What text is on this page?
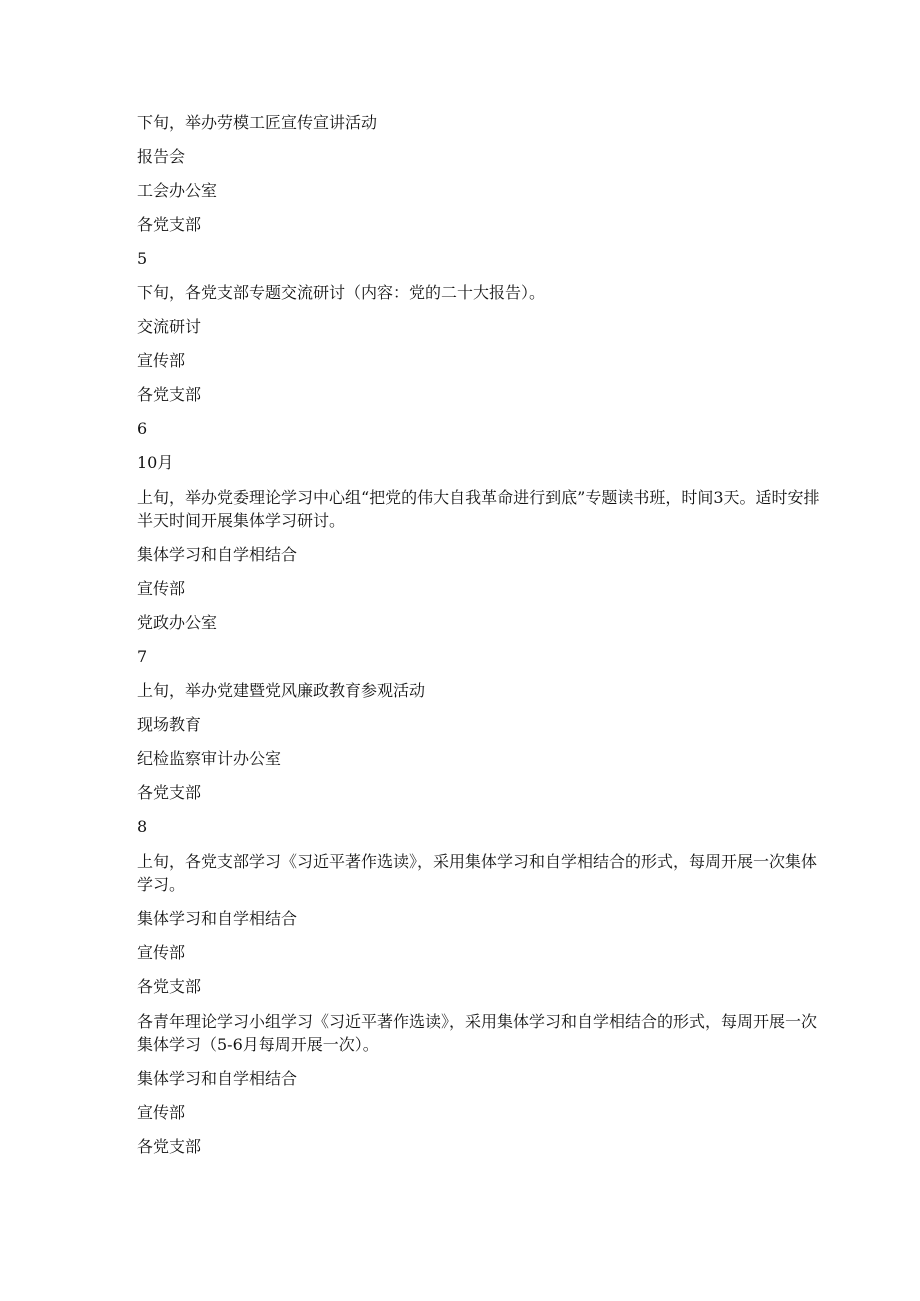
下旬，举办劳模工匠宣传宣讲活动

报告会

工会办公室

各党支部

5

下旬，各党支部专题交流研讨（内容：党的二十大报告）。

交流研讨

宣传部

各党支部

6

10月

上旬，举办党委理论学习中心组“把党的伟大自我革命进行到底”专题读书班，时间3天。适时安排半天时间开展集体学习研讨。

集体学习和自学相结合

宣传部

党政办公室

7

上旬，举办党建暨党风廉政教育参观活动

现场教育

纪检监察审计办公室

各党支部

8

上旬，各党支部学习《习近平著作选读》，采用集体学习和自学相结合的形式，每周开展一次集体学习。

集体学习和自学相结合

宣传部

各党支部

各青年理论学习小组学习《习近平著作选读》，采用集体学习和自学相结合的形式，每周开展一次集体学习（5-6月每周开展一次）。

集体学习和自学相结合

宣传部

各党支部
